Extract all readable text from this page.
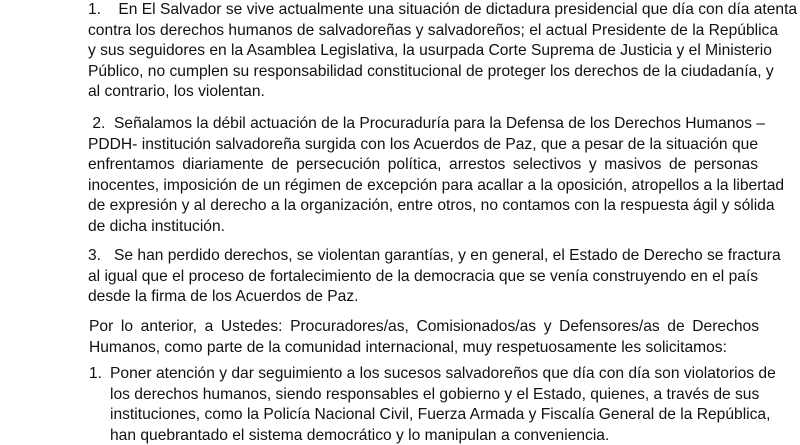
1.    En El Salvador se vive actualmente una situación de dictadura presidencial que día con día atenta
contra los derechos humanos de salvadoreñas y salvadoreños; el actual Presidente de la República
y sus seguidores en la Asamblea Legislativa, la usurpada Corte Suprema de Justicia y el Ministerio
Público, no cumplen su responsabilidad constitucional de proteger los derechos de la ciudadanía, y
al contrario, los violentan.
2.  Señalamos la débil actuación de la Procuraduría para la Defensa de los Derechos Humanos –
PDDH- institución salvadoreña surgida con los Acuerdos de Paz, que a pesar de la situación que
enfrentamos diariamente de persecución política, arrestos selectivos y masivos de personas
inocentes, imposición de un régimen de excepción para acallar a la oposición, atropellos a la libertad
de expresión y al derecho a la organización, entre otros, no contamos con la respuesta ágil y sólida
de dicha institución.
3.   Se han perdido derechos, se violentan garantías, y en general, el Estado de Derecho se fractura
al igual que el proceso de fortalecimiento de la democracia que se venía construyendo en el país
desde la firma de los Acuerdos de Paz.
Por lo anterior, a Ustedes: Procuradores/as, Comisionados/as y Defensores/as de Derechos
Humanos, como parte de la comunidad internacional, muy respetuosamente les solicitamos:
1. Poner atención y dar seguimiento a los sucesos salvadoreños que día con día son violatorios de
los derechos humanos, siendo responsables el gobierno y el Estado, quienes, a través de sus
instituciones, como la Policía Nacional Civil, Fuerza Armada y Fiscalía General de la República,
han quebrantado el sistema democrático y lo manipulan a conveniencia.
